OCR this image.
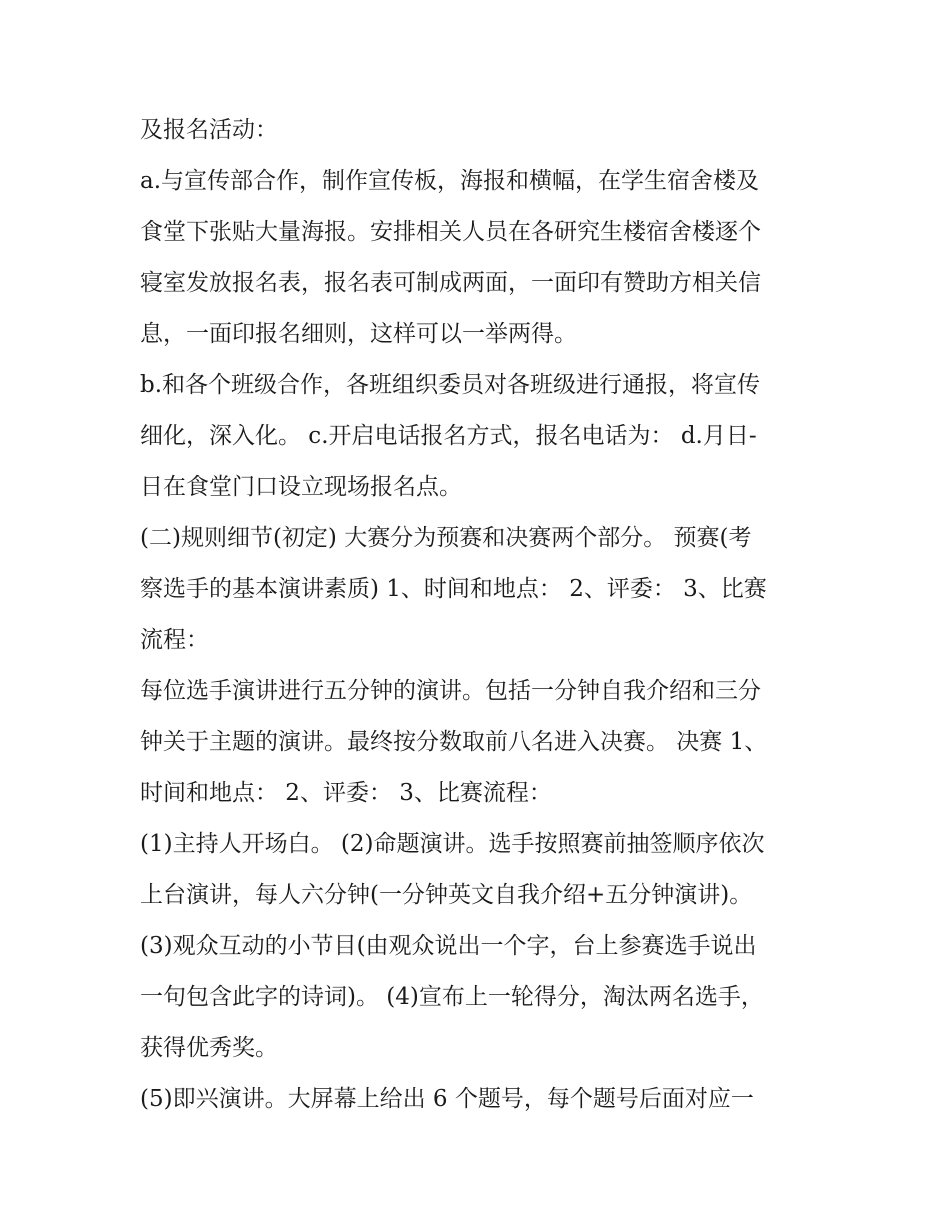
及报名活动：
a.与宣传部合作，制作宣传板，海报和横幅，在学生宿舍楼及
食堂下张贴大量海报。安排相关人员在各研究生楼宿舍楼逐个
寝室发放报名表，报名表可制成两面，一面印有赞助方相关信
息，一面印报名细则，这样可以一举两得。
b.和各个班级合作，各班组织委员对各班级进行通报，将宣传
细化，深入化。 c.开启电话报名方式，报名电话为： d.月日-
日在食堂门口设立现场报名点。
(二)规则细节(初定) 大赛分为预赛和决赛两个部分。 预赛(考
察选手的基本演讲素质) 1、时间和地点： 2、评委： 3、比赛
流程：
每位选手演讲进行五分钟的演讲。包括一分钟自我介绍和三分
钟关于主题的演讲。最终按分数取前八名进入决赛。 决赛 1、
时间和地点： 2、评委： 3、比赛流程：
(1)主持人开场白。 (2)命题演讲。选手按照赛前抽签顺序依次
上台演讲，每人六分钟(一分钟英文自我介绍+五分钟演讲)。
(3)观众互动的小节目(由观众说出一个字，台上参赛选手说出
一句包含此字的诗词)。 (4)宣布上一轮得分，淘汰两名选手，
获得优秀奖。
(5)即兴演讲。大屏幕上给出 6 个题号，每个题号后面对应一
